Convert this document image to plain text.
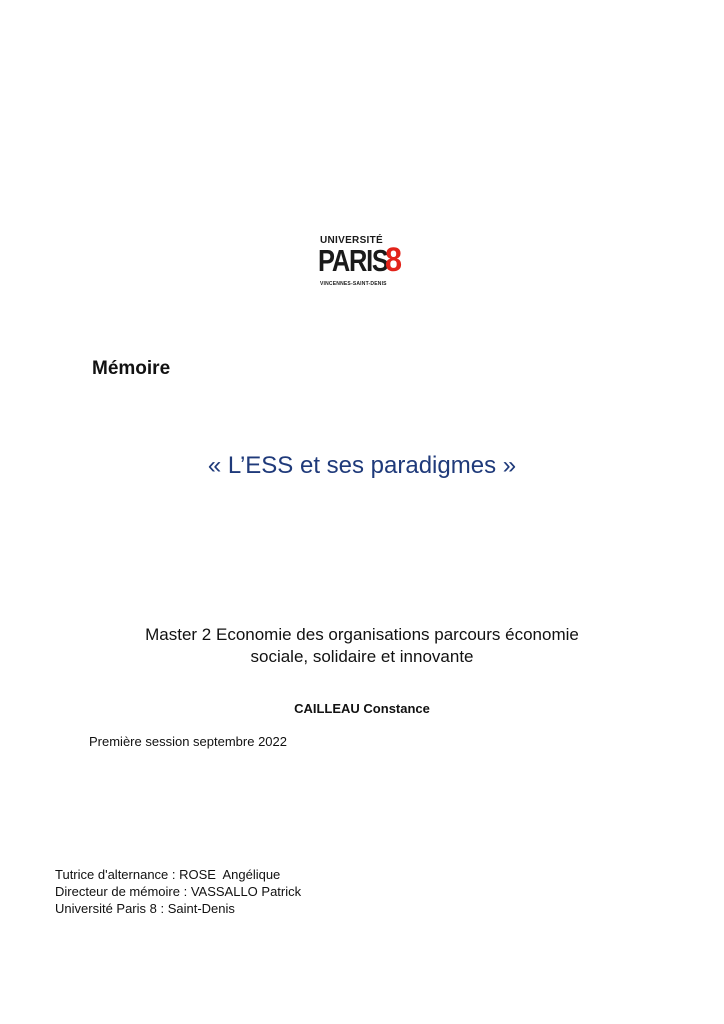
UNIVERSITÉ
PARIS
8
VINCENNES-SAINT-DENIS
Mémoire
« L’ESS et ses paradigmes »
Master 2 Economie des organisations parcours économie
sociale, solidaire et innovante

CAILLEAU Constance

Première session septembre 2022

Tutrice d'alternance : ROSE  Angélique
Directeur de mémoire : VASSALLO Patrick
Université Paris 8 : Saint-Denis
